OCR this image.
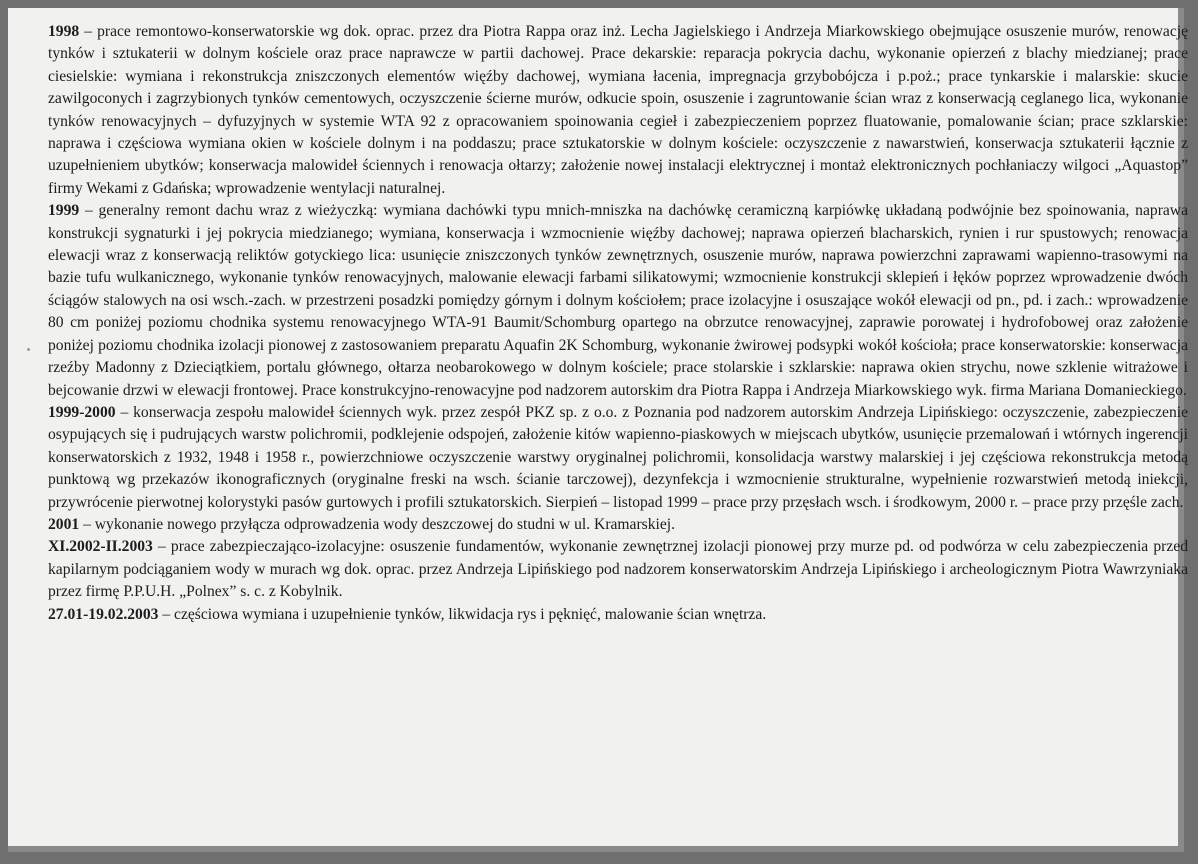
1998 – prace remontowo-konserwatorskie wg dok. oprac. przez dra Piotra Rappa oraz inż. Lecha Jagielskiego i Andrzeja Miarkowskiego obejmujące osuszenie murów, renowację tynków i sztukaterii w dolnym kościele oraz prace naprawcze w partii dachowej. Prace dekarskie: reparacja pokrycia dachu, wykonanie opierzeń z blachy miedzianej; prace ciesielskie: wymiana i rekonstrukcja zniszczonych elementów więźby dachowej, wymiana łacenia, impregnacja grzybobójcza i p.poż.; prace tynkarskie i malarskie: skucie zawilgoconych i zagrzybionych tynków cementowych, oczyszczenie ścierne murów, odkucie spoin, osuszenie i zagruntowanie ścian wraz z konserwacją ceglanego lica, wykonanie tynków renowacyjnych – dyfuzyjnych w systemie WTA 92 z opracowaniem spoinowania cegieł i zabezpieczeniem poprzez fluatowanie, pomalowanie ścian; prace szklarskie: naprawa i częściowa wymiana okien w kościele dolnym i na poddaszu; prace sztukatorskie w dolnym kościele: oczyszczenie z nawarstwień, konserwacja sztukaterii łącznie z uzupełnieniem ubytków; konserwacja malowideł ściennych i renowacja ołtarzy; założenie nowej instalacji elektrycznej i montaż elektronicznych pochłaniaczy wilgoci „Aquastop” firmy Wekami z Gdańska; wprowadzenie wentylacji naturalnej.

1999 – generalny remont dachu wraz z wieżyczką: wymiana dachówki typu mnich-mniszka na dachówkę ceramiczną karpiówkę układaną podwójnie bez spoinowania, naprawa konstrukcji sygnaturki i jej pokrycia miedzianego; wymiana, konserwacja i wzmocnienie więźby dachowej; naprawa opierzeń blacharskich, rynien i rur spustowych; renowacja elewacji wraz z konserwacją reliktów gotyckiego lica: usunięcie zniszczonych tynków zewnętrznych, osuszenie murów, naprawa powierzchni zaprawami wapienno-trasowymi na bazie tufu wulkanicznego, wykonanie tynków renowacyjnych, malowanie elewacji farbami silikatowymi; wzmocnienie konstrukcji sklepień i łęków poprzez wprowadzenie dwóch ściągów stalowych na osi wsch.-zach. w przestrzeni posadzki pomiędzy górnym i dolnym kościołem; prace izolacyjne i osuszające wokół elewacji od pn., pd. i zach.: wprowadzenie 80 cm poniżej poziomu chodnika systemu renowacyjnego WTA-91 Baumit/Schomburg opartego na obrzutce renowacyjnej, zaprawie porowatej i hydrofobowej oraz założenie poniżej poziomu chodnika izolacji pionowej z zastosowaniem preparatu Aquafin 2K Schomburg, wykonanie żwirowej podsypki wokół kościoła; prace konserwatorskie: konserwacja rzeźby Madonny z Dzieciątkiem, portalu głównego, ołtarza neobarokowego w dolnym kościele; prace stolarskie i szklarskie: naprawa okien strychu, nowe szklenie witrażowe i bejcowanie drzwi w elewacji frontowej. Prace konstrukcyjno-renowacyjne pod nadzorem autorskim dra Piotra Rappa i Andrzeja Miarkowskiego wyk. firma Mariana Domanieckiego.

1999-2000 – konserwacja zespołu malowideł ściennych wyk. przez zespół PKZ sp. z o.o. z Poznania pod nadzorem autorskim Andrzeja Lipińskiego: oczyszczenie, zabezpieczenie osypujących się i pudrujących warstw polichromii, podklejenie odspojeń, założenie kitów wapienno-piaskowych w miejscach ubytków, usunięcie przemalowań i wtórnych ingerencji konserwatorskich z 1932, 1948 i 1958 r., powierzchniowe oczyszczenie warstwy oryginalnej polichromii, konsolidacja warstwy malarskiej i jej częściowa rekonstrukcja metodą punktową wg przekazów ikonograficznych (oryginalne freski na wsch. ścianie tarczowej), dezynfekcja i wzmocnienie strukturalne, wypełnienie rozwarstwień metodą iniekcji, przywrócenie pierwotnej kolorystyki pasów gurtowych i profili sztukatorskich. Sierpień – listopad 1999 – prace przy przęsłach wsch. i środkowym, 2000 r. – prace przy przęśle zach.

2001 – wykonanie nowego przyłącza odprowadzenia wody deszczowej do studni w ul. Kramarskiej.

XI.2002-II.2003 – prace zabezpieczająco-izolacyjne: osuszenie fundamentów, wykonanie zewnętrznej izolacji pionowej przy murze pd. od podwórza w celu zabezpieczenia przed kapilarnym podciąganiem wody w murach wg dok. oprac. przez Andrzeja Lipińskiego pod nadzorem konserwatorskim Andrzeja Lipińskiego i archeologicznym Piotra Wawrzyniaka przez firmę P.P.U.H. „Polnex” s. c. z Kobylnik.

27.01-19.02.2003 – częściowa wymiana i uzupełnienie tynków, likwidacja rys i pęknięć, malowanie ścian wnętrza.
